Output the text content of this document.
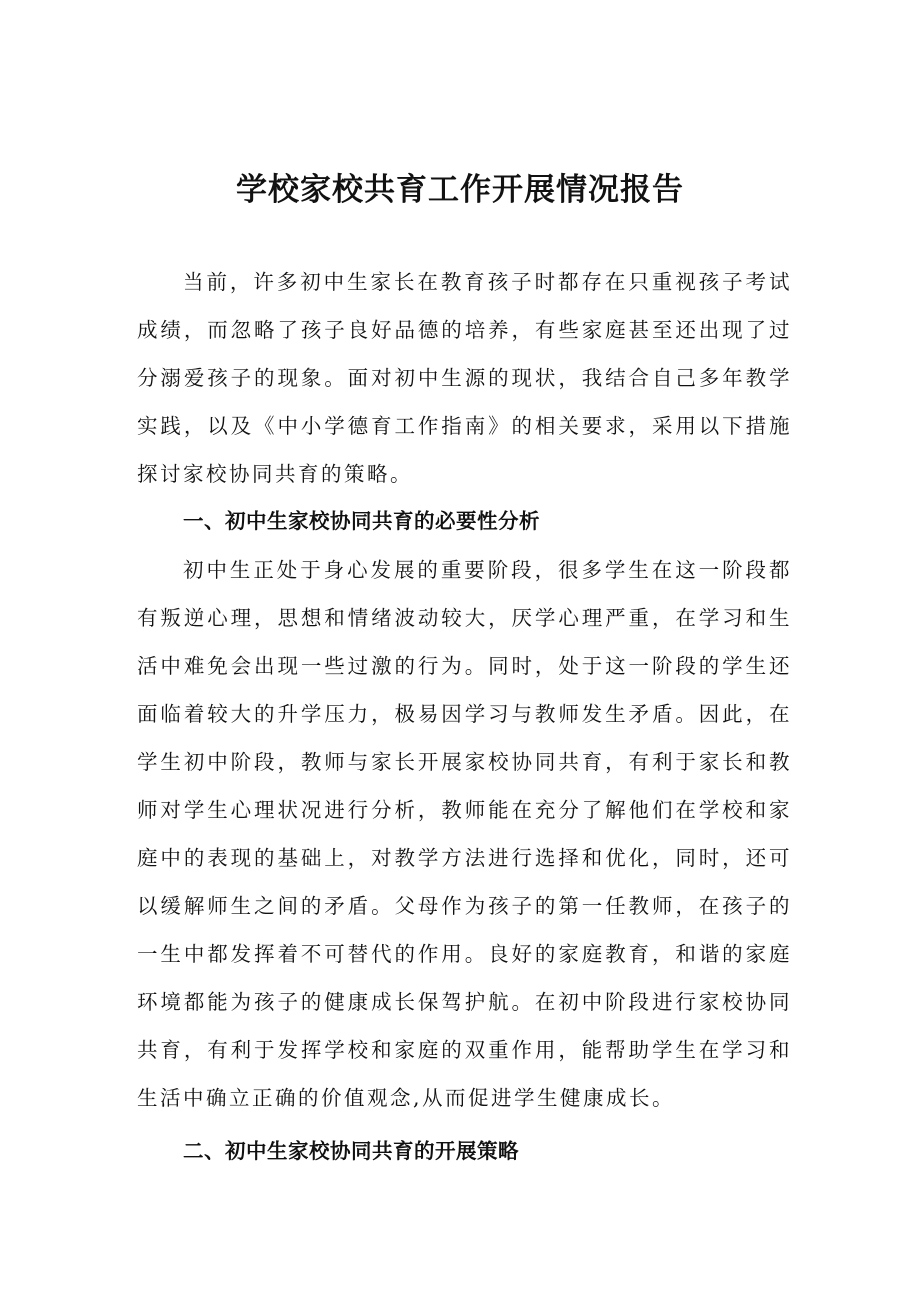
学校家校共育工作开展情况报告

当前，许多初中生家长在教育孩子时都存在只重视孩子考试成绩，而忽略了孩子良好品德的培养，有些家庭甚至还出现了过分溺爱孩子的现象。面对初中生源的现状，我结合自己多年教学实践，以及《中小学德育工作指南》的相关要求，采用以下措施探讨家校协同共育的策略。

一、初中生家校协同共育的必要性分析

初中生正处于身心发展的重要阶段，很多学生在这一阶段都有叛逆心理，思想和情绪波动较大，厌学心理严重，在学习和生活中难免会出现一些过激的行为。同时，处于这一阶段的学生还面临着较大的升学压力，极易因学习与教师发生矛盾。因此，在学生初中阶段，教师与家长开展家校协同共育，有利于家长和教师对学生心理状况进行分析，教师能在充分了解他们在学校和家庭中的表现的基础上，对教学方法进行选择和优化，同时，还可以缓解师生之间的矛盾。父母作为孩子的第一任教师，在孩子的一生中都发挥着不可替代的作用。良好的家庭教育，和谐的家庭环境都能为孩子的健康成长保驾护航。在初中阶段进行家校协同共育，有利于发挥学校和家庭的双重作用，能帮助学生在学习和生活中确立正确的价值观念,从而促进学生健康成长。

二、初中生家校协同共育的开展策略
